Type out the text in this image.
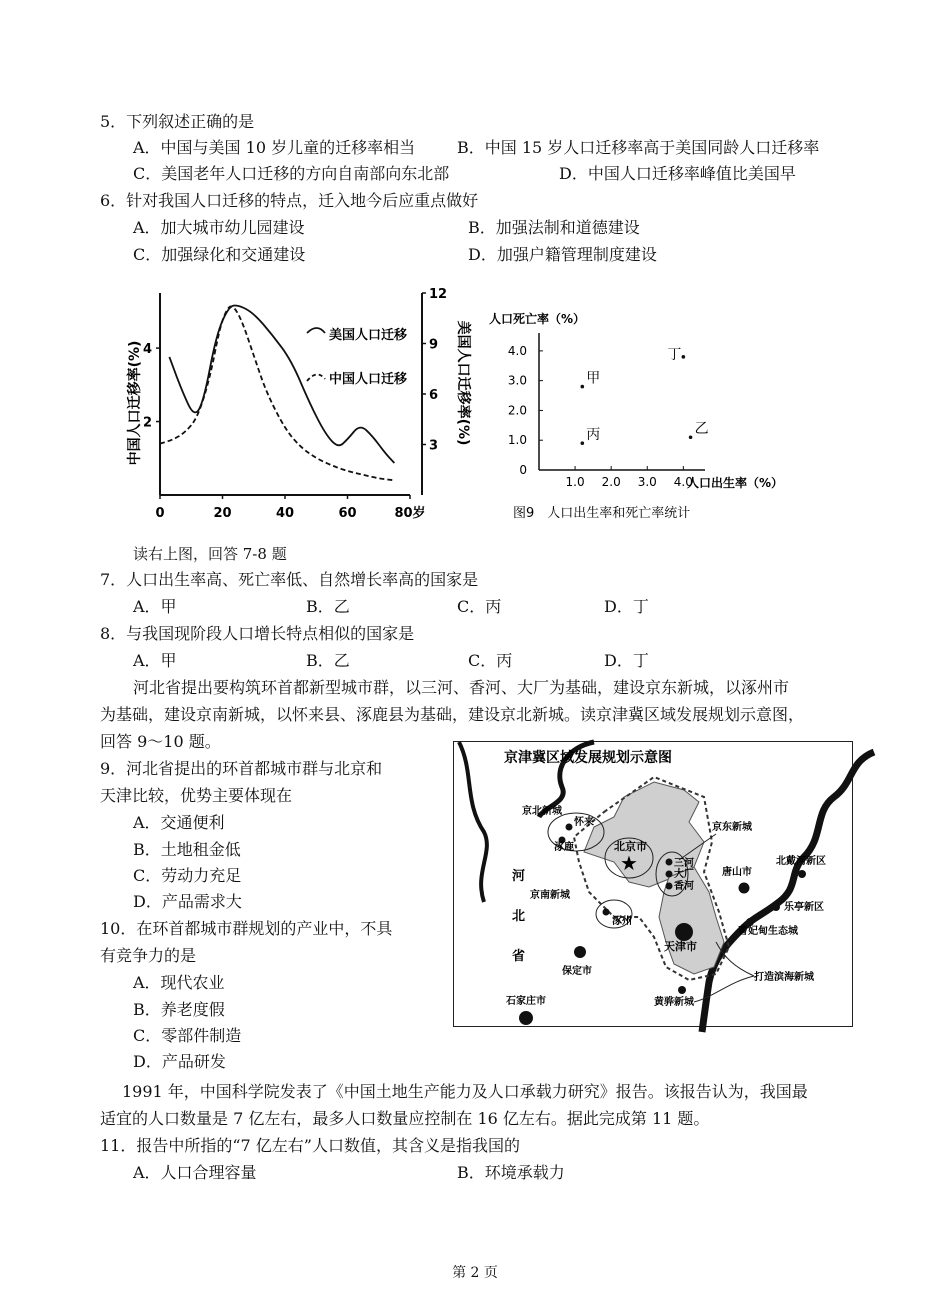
5．下列叙述正确的是
A．中国与美国 10 岁儿童的迁移率相当	B．中国 15 岁人口迁移率高于美国同龄人口迁移率
C．美国老年人口迁移的方向自南部向东北部	D．中国人口迁移率峰值比美国早
6．针对我国人口迁移的特点，迁入地今后应重点做好
A．加大城市幼儿园建设	B．加强法制和道德建设
C．加强绿化和交通建设	D．加强户籍管理制度建设
0	20	40	60	80岁
2
4
3
6
9
12
中国人口迁移率(%)	美国人口迁移率(%)
美国人口迁移
中国人口迁移
人口死亡率（%）
1.0 2.0 3.0 4.0
0
1.0
2.0
3.0
4.0
甲
乙
丙
丁
人口出生率（%）
图9　人口出生率和死亡率统计
读右上图，回答 7-8 题
7．人口出生率高、死亡率低、自然增长率高的国家是
A．甲	B．乙	C．丙	D．丁
8．与我国现阶段人口增长特点相似的国家是
A．甲	B．乙	C．丙	D．丁
河北省提出要构筑环首都新型城市群，以三河、香河、大厂为基础，建设京东新城，以涿州市
为基础，建设京南新城，以怀来县、涿鹿县为基础，建设京北新城。读京津冀区域发展规划示意图，
回答 9～10 题。
9．河北省提出的环首都城市群与北京和
天津比较，优势主要体现在
A．交通便利
B．土地租金低
C．劳动力充足
D．产品需求大
10．在环首都城市群规划的产业中，不具
有竞争力的是
A．现代农业
B．养老度假
C．零部件制造
D．产品研发
京津冀区域发展规划示意图
京北新城
怀来
涿鹿	北京市
★
京东新城
三河
大厂
香河
京南新城
涿州
唐山市
北戴河新区
乐亭新区
曹妃甸生态城
天津市
打造滨海新城
黄骅新城
河
北
省
保定市
石家庄市
1991 年，中国科学院发表了《中国土地生产能力及人口承载力研究》报告。该报告认为，我国最
适宜的人口数量是 7 亿左右，最多人口数量应控制在 16 亿左右。据此完成第 11 题。
11．报告中所指的“7 亿左右”人口数值，其含义是指我国的
A．人口合理容量	B．环境承载力
第 2 页
